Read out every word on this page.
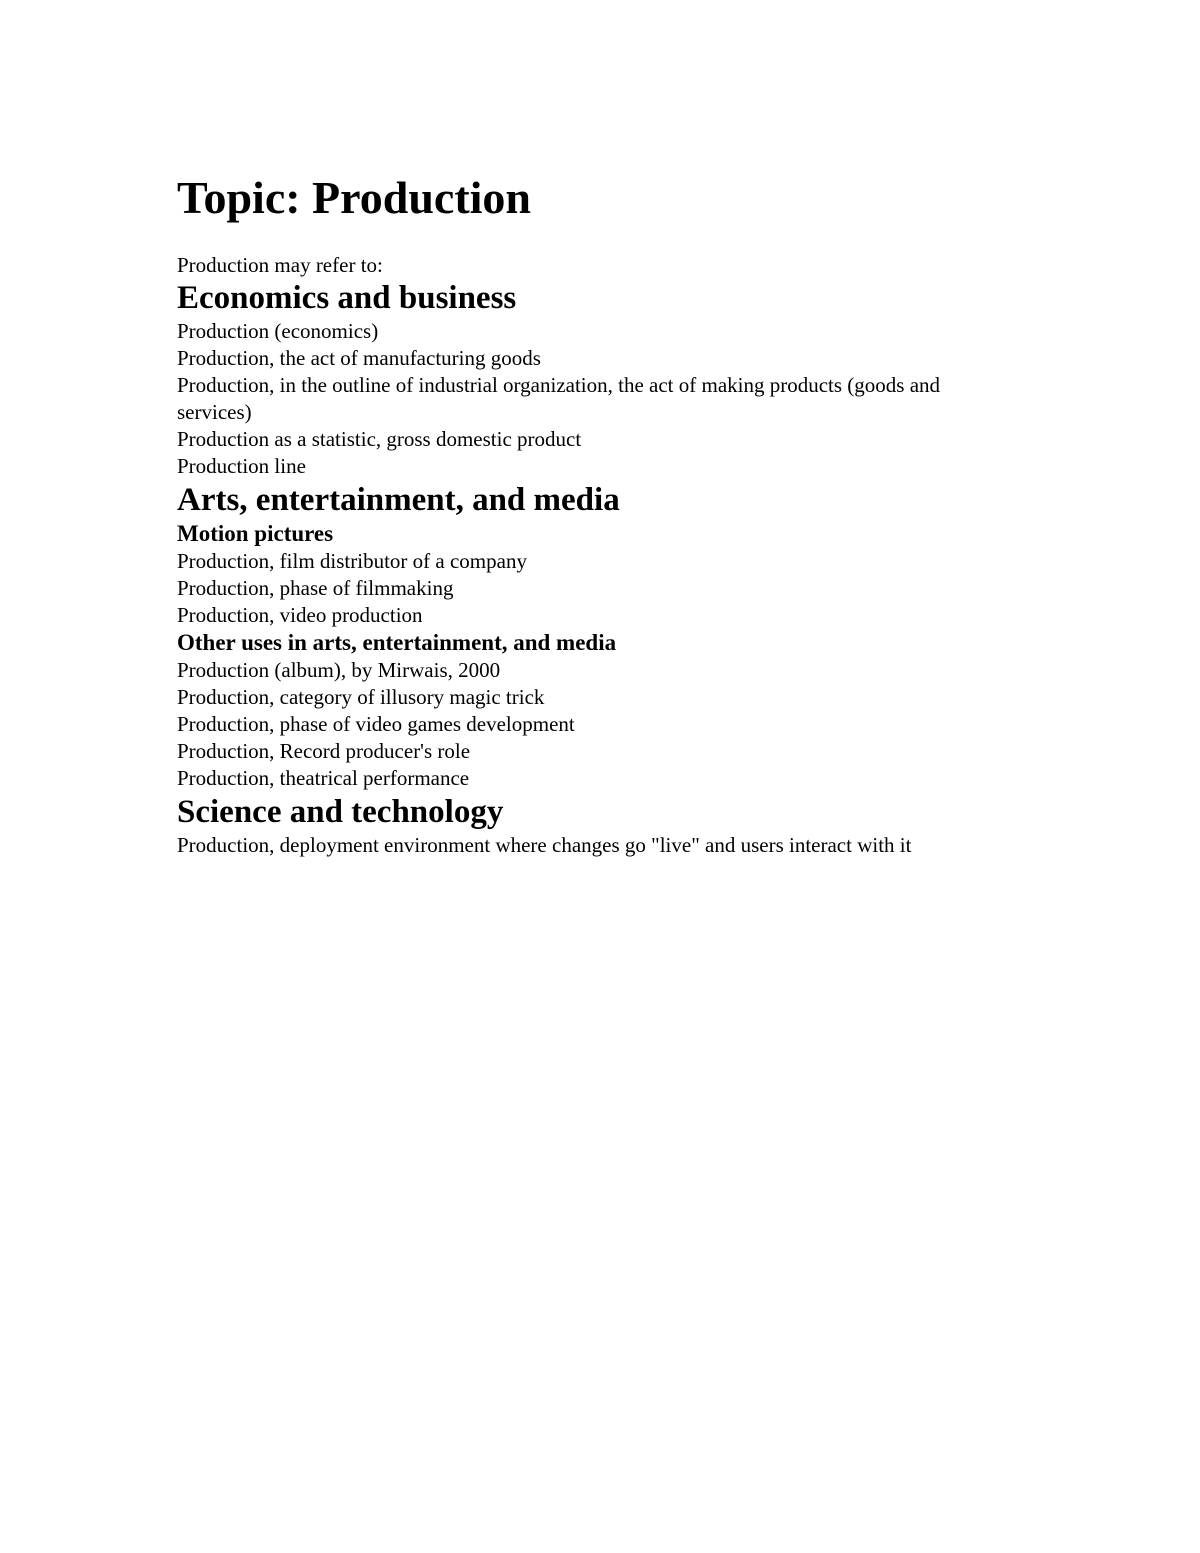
Topic: Production

Production may refer to:

Economics and business

Production (economics)

Production, the act of manufacturing goods

Production, in the outline of industrial organization, the act of making products (goods and services)

Production as a statistic, gross domestic product

Production line

Arts, entertainment, and media
Motion pictures

Production, film distributor of a company

Production, phase of filmmaking

Production, video production

Other uses in arts, entertainment, and media

Production (album), by Mirwais, 2000

Production, category of illusory magic trick

Production, phase of video games development

Production, Record producer's role

Production, theatrical performance

Science and technology

Production, deployment environment where changes go "live" and users interact with it
